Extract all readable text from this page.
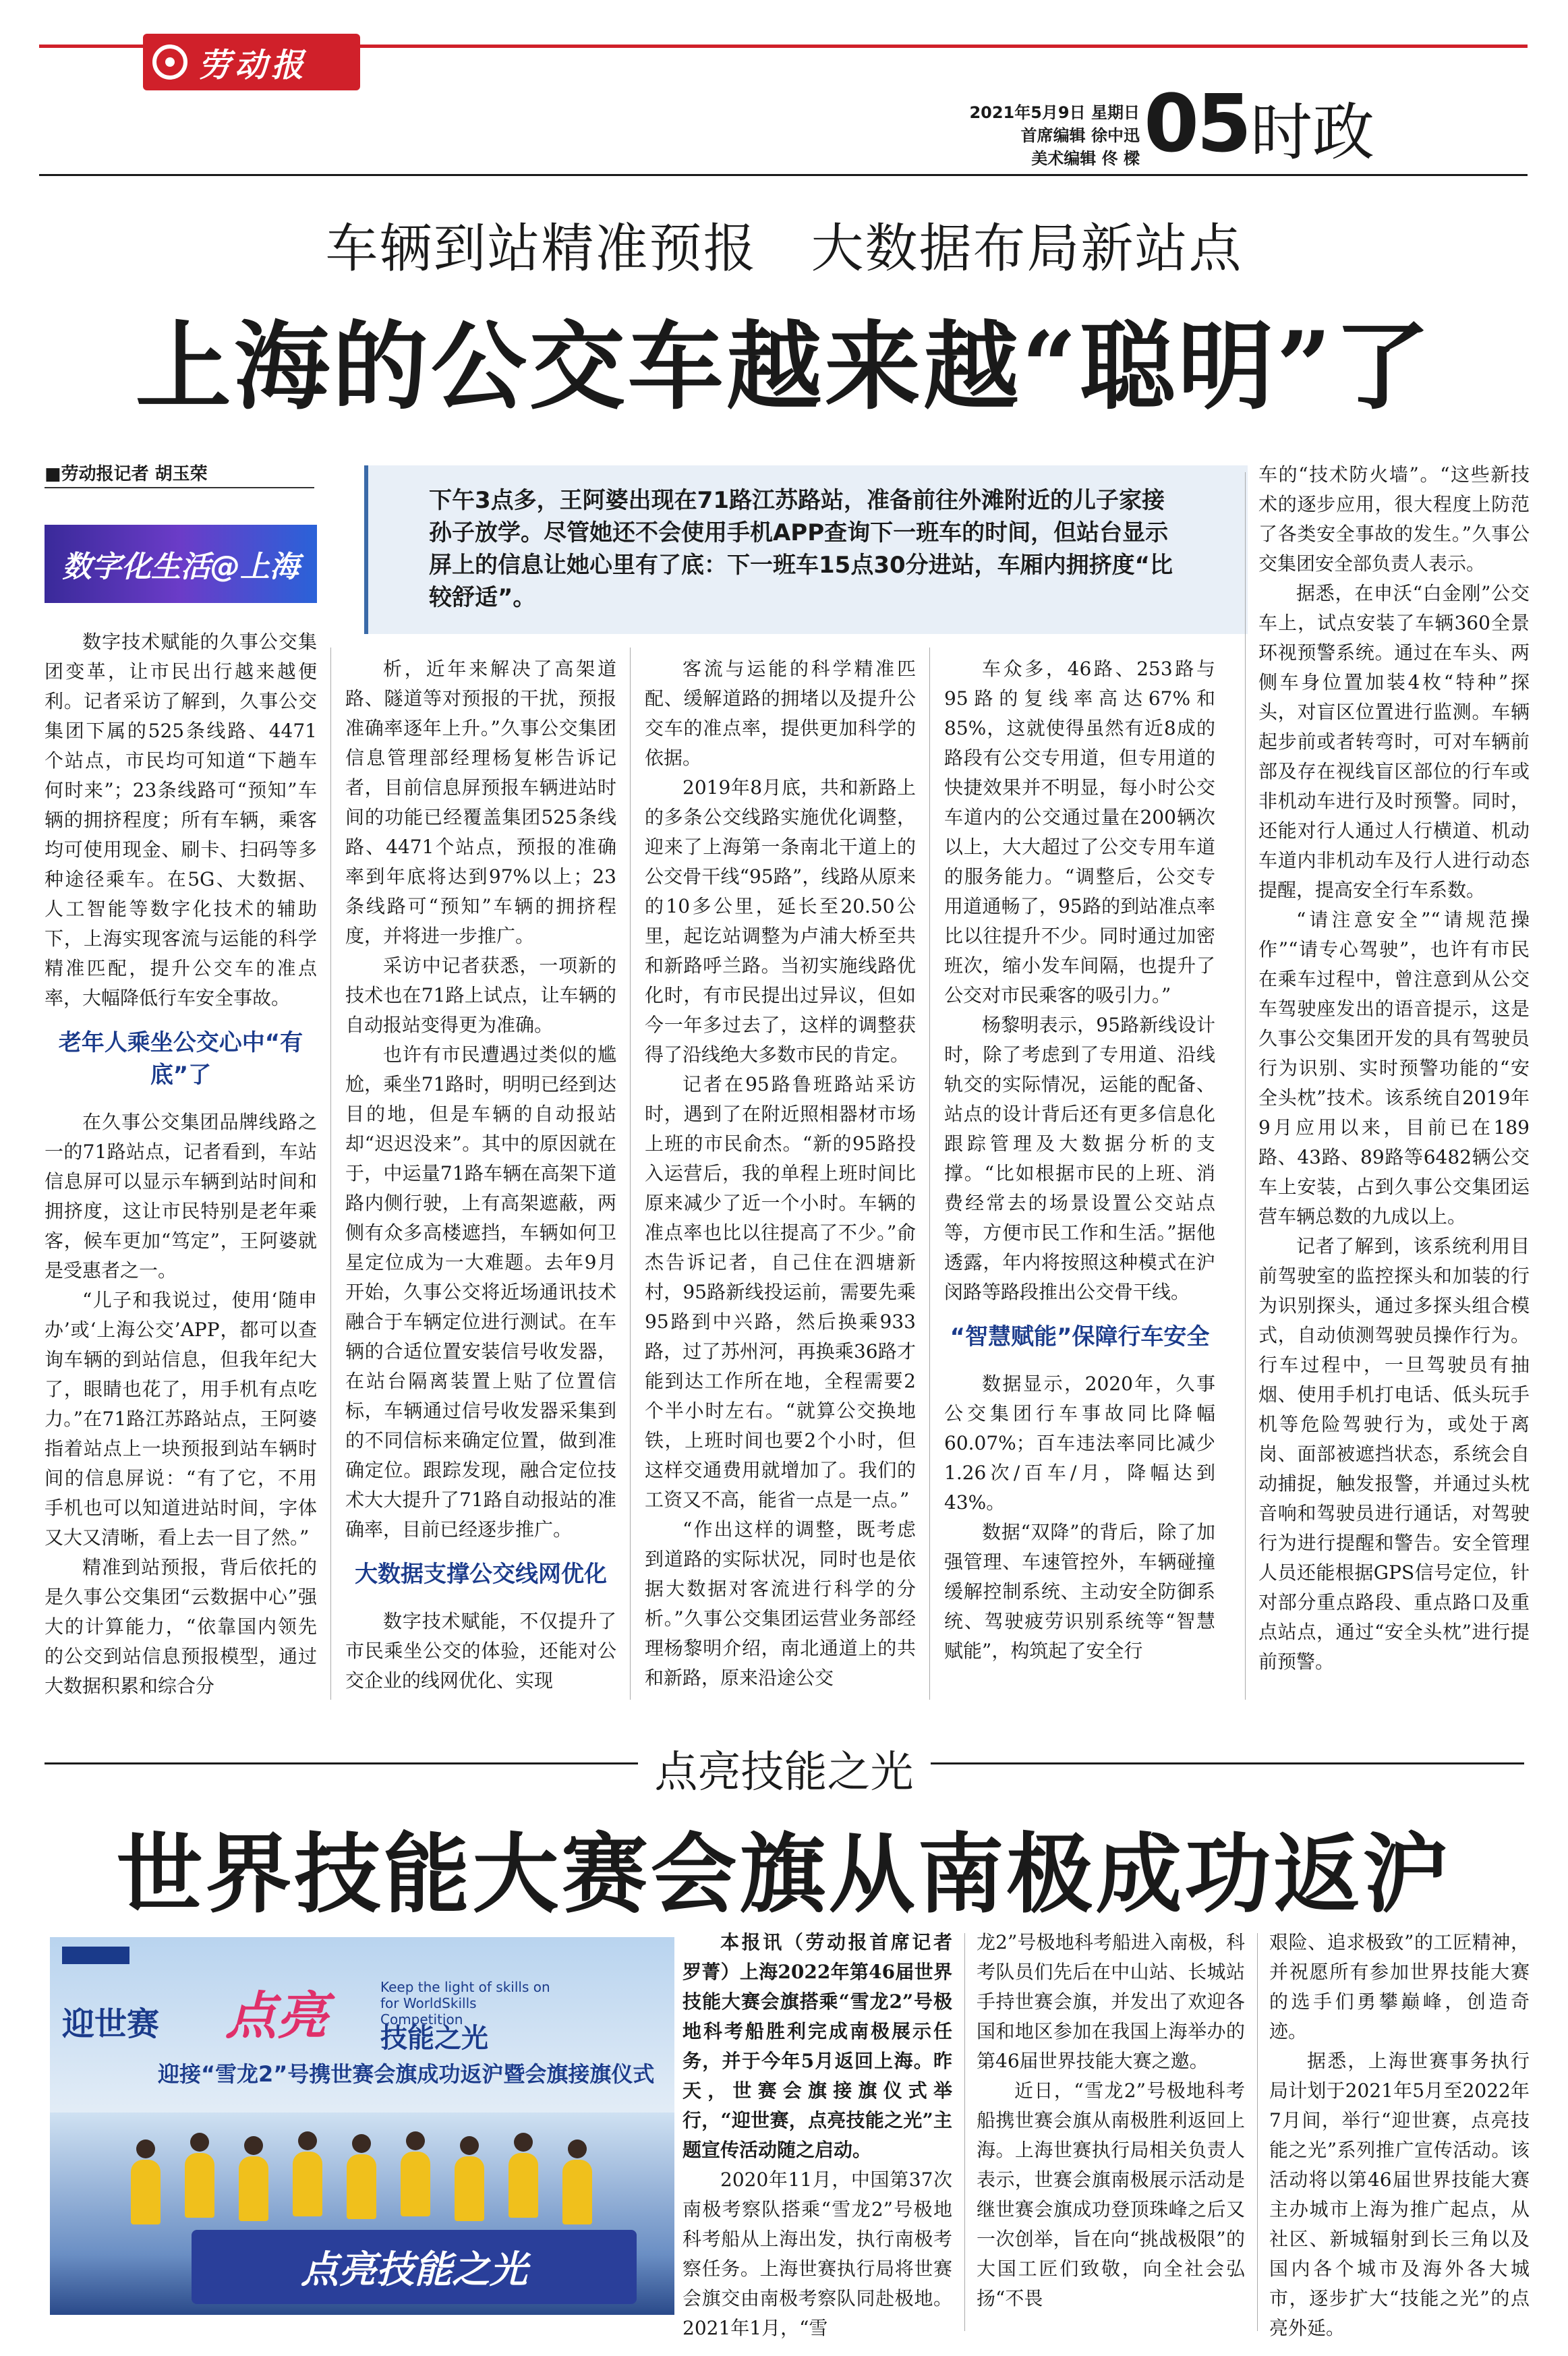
劳动报
2021年5月9日 星期日
首席编辑 徐中迅
美术编辑 佟 樑 05 时政
车辆到站精准预报　大数据布局新站点
上海的公交车越来越“聪明”了
■劳动报记者 胡玉荣
数字化生活@上海
下午3点多，王阿婆出现在71路江苏路站，准备前往外滩附近的儿子家接孙子放学。尽管她还不会使用手机APP查询下一班车的时间，但站台显示屏上的信息让她心里有了底：下一班车15点30分进站，车厢内拥挤度“比较舒适”。

数字技术赋能的久事公交集团变革，让市民出行越来越便利。记者采访了解到，久事公交集团下属的525条线路、4471个站点，市民均可知道“下趟车何时来”；23条线路可“预知”车辆的拥挤程度；所有车辆，乘客均可使用现金、刷卡、扫码等多种途径乘车。在5G、大数据、人工智能等数字化技术的辅助下，上海实现客流与运能的科学精准匹配，提升公交车的准点率，大幅降低行车安全事故。

老年人乘坐公交心中“有底”了

在久事公交集团品牌线路之一的71路站点，记者看到，车站信息屏可以显示车辆到站时间和拥挤度，这让市民特别是老年乘客，候车更加“笃定”，王阿婆就是受惠者之一。

“儿子和我说过，使用‘随申办’或‘上海公交’APP，都可以查询车辆的到站信息，但我年纪大了，眼睛也花了，用手机有点吃力。”在71路江苏路站点，王阿婆指着站点上一块预报到站车辆时间的信息屏说：“有了它，不用手机也可以知道进站时间，字体又大又清晰，看上去一目了然。”

精准到站预报，背后依托的是久事公交集团“云数据中心”强大的计算能力，“依靠国内领先的公交到站信息预报模型，通过大数据积累和综合分

析，近年来解决了高架道路、隧道等对预报的干扰，预报准确率逐年上升。”久事公交集团信息管理部经理杨复彬告诉记者，目前信息屏预报车辆进站时间的功能已经覆盖集团525条线路、4471个站点，预报的准确率到年底将达到97%以上；23条线路可“预知”车辆的拥挤程度，并将进一步推广。

采访中记者获悉，一项新的技术也在71路上试点，让车辆的自动报站变得更为准确。

也许有市民遭遇过类似的尴尬，乘坐71路时，明明已经到达目的地，但是车辆的自动报站却“迟迟没来”。其中的原因就在于，中运量71路车辆在高架下道路内侧行驶，上有高架遮蔽，两侧有众多高楼遮挡，车辆如何卫星定位成为一大难题。去年9月开始，久事公交将近场通讯技术融合于车辆定位进行测试。在车辆的合适位置安装信号收发器，在站台隔离装置上贴了位置信标，车辆通过信号收发器采集到的不同信标来确定位置，做到准确定位。跟踪发现，融合定位技术大大提升了71路自动报站的准确率，目前已经逐步推广。

大数据支撑公交线网优化

数字技术赋能，不仅提升了市民乘坐公交的体验，还能对公交企业的线网优化、实现

客流与运能的科学精准匹配、缓解道路的拥堵以及提升公交车的准点率，提供更加科学的依据。

2019年8月底，共和新路上的多条公交线路实施优化调整，迎来了上海第一条南北干道上的公交骨干线“95路”，线路从原来的10多公里，延长至20.50公里，起讫站调整为卢浦大桥至共和新路呼兰路。当初实施线路优化时，有市民提出过异议，但如今一年多过去了，这样的调整获得了沿线绝大多数市民的肯定。

记者在95路鲁班路站采访时，遇到了在附近照相器材市场上班的市民俞杰。“新的95路投入运营后，我的单程上班时间比原来减少了近一个小时。车辆的准点率也比以往提高了不少。”俞杰告诉记者，自己住在泗塘新村，95路新线投运前，需要先乘95路到中兴路，然后换乘933路，过了苏州河，再换乘36路才能到达工作所在地，全程需要2个半小时左右。“就算公交换地铁，上班时间也要2个小时，但这样交通费用就增加了。我们的工资又不高，能省一点是一点。”

“作出这样的调整，既考虑到道路的实际状况，同时也是依据大数据对客流进行科学的分析。”久事公交集团运营业务部经理杨黎明介绍，南北通道上的共和新路，原来沿途公交

车众多，46路、253路与95路的复线率高达67%和85%，这就使得虽然有近8成的路段有公交专用道，但专用道的快捷效果并不明显，每小时公交车道内的公交通过量在200辆次以上，大大超过了公交专用车道的服务能力。“调整后，公交专用道通畅了，95路的到站准点率比以往提升不少。同时通过加密班次，缩小发车间隔，也提升了公交对市民乘客的吸引力。”

杨黎明表示，95路新线设计时，除了考虑到了专用道、沿线轨交的实际情况，运能的配备、站点的设计背后还有更多信息化跟踪管理及大数据分析的支撑。“比如根据市民的上班、消费经常去的场景设置公交站点等，方便市民工作和生活。”据他透露，年内将按照这种模式在沪闵路等路段推出公交骨干线。

“智慧赋能”保障行车安全

数据显示，2020年，久事公交集团行车事故同比降幅60.07%；百车违法率同比减少1.26次/百车/月，降幅达到43%。

数据“双降”的背后，除了加强管理、车速管控外，车辆碰撞缓解控制系统、主动安全防御系统、驾驶疲劳识别系统等“智慧赋能”，构筑起了安全行

车的“技术防火墙”。“这些新技术的逐步应用，很大程度上防范了各类安全事故的发生。”久事公交集团安全部负责人表示。

据悉，在申沃“白金刚”公交车上，试点安装了车辆360全景环视预警系统。通过在车头、两侧车身位置加装4枚“特种”探头，对盲区位置进行监测。车辆起步前或者转弯时，可对车辆前部及存在视线盲区部位的行车或非机动车进行及时预警。同时，还能对行人通过人行横道、机动车道内非机动车及行人进行动态提醒，提高安全行车系数。

“请注意安全”“请规范操作”“请专心驾驶”，也许有市民在乘车过程中，曾注意到从公交车驾驶座发出的语音提示，这是久事公交集团开发的具有驾驶员行为识别、实时预警功能的“安全头枕”技术。该系统自2019年9月应用以来，目前已在189路、43路、89路等6482辆公交车上安装，占到久事公交集团运营车辆总数的九成以上。

记者了解到，该系统利用目前驾驶室的监控探头和加装的行为识别探头，通过多探头组合模式，自动侦测驾驶员操作行为。行车过程中，一旦驾驶员有抽烟、使用手机打电话、低头玩手机等危险驾驶行为，或处于离岗、面部被遮挡状态，系统会自动捕捉，触发报警，并通过头枕音响和驾驶员进行通话，对驾驶行为进行提醒和警告。安全管理人员还能根据GPS信号定位，针对部分重点路段、重点路口及重点站点，通过“安全头枕”进行提前预警。

点亮技能之光
世界技能大赛会旗从南极成功返沪
迎世赛 点亮	Keep the light of skills on for WorldSkills Competition
技能之光
迎接“雪龙2”号携世赛会旗成功返沪暨会旗接旗仪式
点亮技能之光

本报讯（劳动报首席记者 罗菁）上海2022年第46届世界技能大赛会旗搭乘“雪龙2”号极地科考船胜利完成南极展示任务，并于今年5月返回上海。昨天，世赛会旗接旗仪式举行，“迎世赛，点亮技能之光”主题宣传活动随之启动。

2020年11月，中国第37次南极考察队搭乘“雪龙2”号极地科考船从上海出发，执行南极考察任务。上海世赛执行局将世赛会旗交由南极考察队同赴极地。2021年1月，“雪

龙2”号极地科考船进入南极，科考队员们先后在中山站、长城站手持世赛会旗，并发出了欢迎各国和地区参加在我国上海举办的第46届世界技能大赛之邀。

近日，“雪龙2”号极地科考船携世赛会旗从南极胜利返回上海。上海世赛执行局相关负责人表示，世赛会旗南极展示活动是继世赛会旗成功登顶珠峰之后又一次创举，旨在向“挑战极限”的大国工匠们致敬，向全社会弘扬“不畏

艰险、追求极致”的工匠精神，并祝愿所有参加世界技能大赛的选手们勇攀巅峰，创造奇迹。

据悉，上海世赛事务执行局计划于2021年5月至2022年7月间，举行“迎世赛，点亮技能之光”系列推广宣传活动。该活动将以第46届世界技能大赛主办城市上海为推广起点，从社区、新城辐射到长三角以及国内各个城市及海外各大城市，逐步扩大“技能之光”的点亮外延。
